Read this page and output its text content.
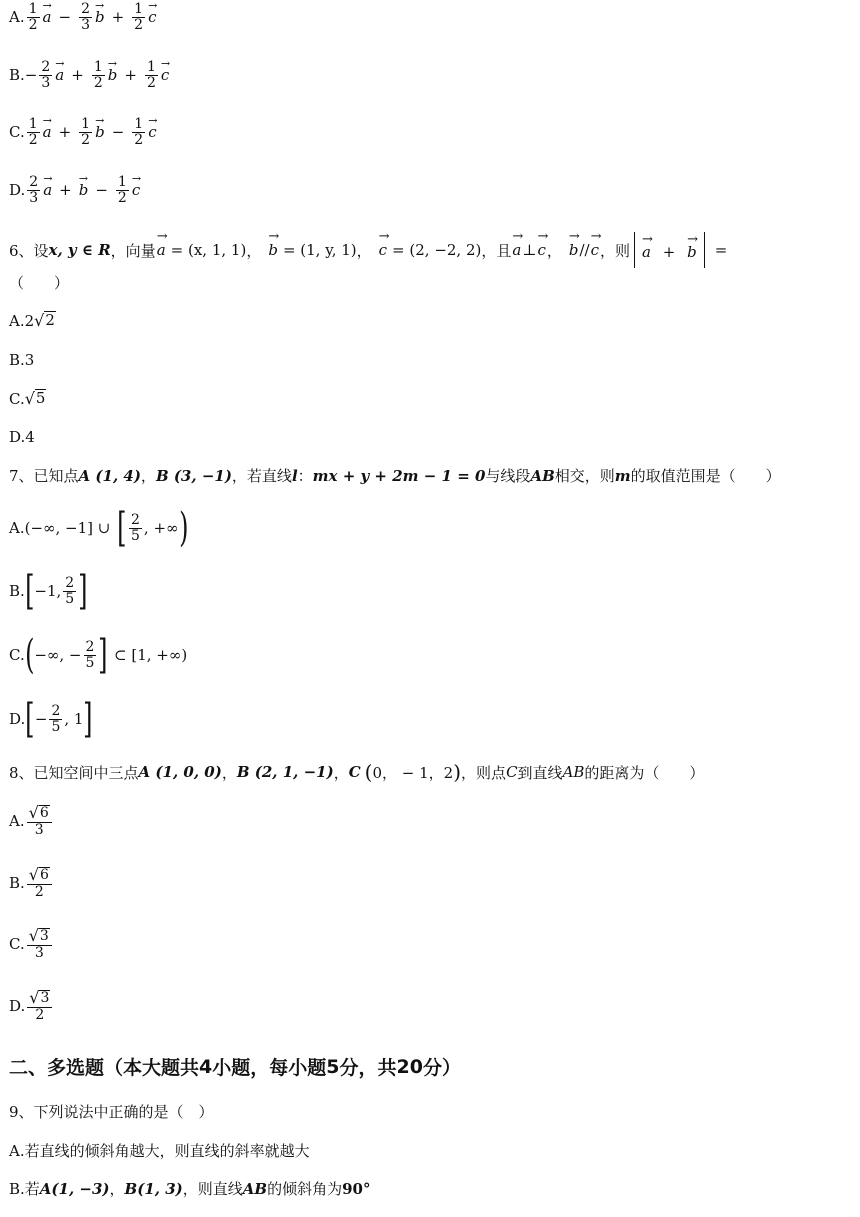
A. $\frac{1}{2}$
→ $a - \frac{2}{3}$
→ $b + \frac{1}{2}$
→ c
B. − $\frac{2}{3}$
→ $a + \frac{1}{2}$
→ $b + \frac{1}{2}$
→ c
C. $\frac{1}{2}$
→ $a + \frac{1}{2}$
→ $b - \frac{1}{2}$
→ c
D. $\frac{2}{3}$
→ a +
→ $b - \frac{1}{2}$
→ c
6、设 x, y ∈ R ，向量
→ a = (x, 1, 1) ，
→ b = (1, y, 1) ，
→ c = (2, −2, 2) ，且
→ a ⊥
→ c ，
→ b //
→ c ，则
→ a + → b	=
（　　）
A. 2 √ 2
B. 3
C. √ 5
D. 4
7、已知点 A (1, 4) ， B (3, −1) ，若直线 l ： mx + y + 2m − 1 = 0 与线段 AB 相交，则 m 的取值范围是（　　）
A. (−∞, −1] ∪ [ $\frac{2}{5}$ , +∞ )
B. [ −1, $\frac{2}{5}$ ]
C. ( −∞, − $\frac{2}{5}$ ] ⊂ [1, +∞)
D. [ − $\frac{2}{5}$ , 1 ]
8、已知空间中三点 A (1, 0, 0) ， B (2, 1, −1) ， C ( 0， − 1，2 ) ，则点 C 到直线 AB 的距离为（　　）
A. $\frac{√ 6}{3}$
B. $\frac{√ 6}{2}$
C. $\frac{√ 3}{3}$
D. $\frac{√ 3}{2}$
二、多选题（本大题共 4 小题，每小题 5 分，共 20 分）
9、下列说法中正确的是（　）
A.若直线的倾斜角越大，则直线的斜率就越大
B.若 A(1, −3) ， B(1, 3) ，则直线 AB 的倾斜角为 90°
